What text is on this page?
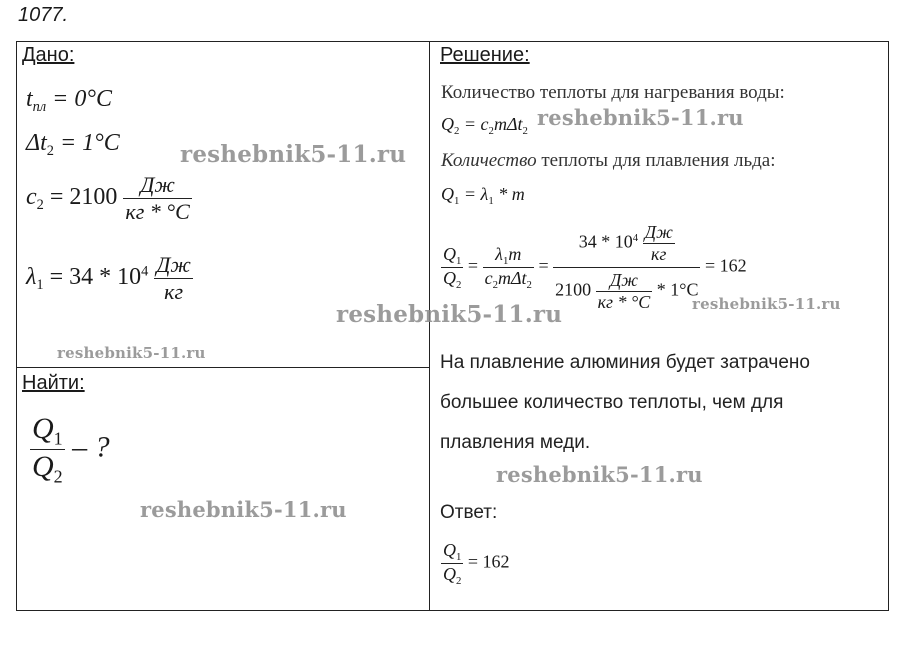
1077.
Дано:
$t_{пл} = 0^\circ C$
$\Delta t_2 = 1^\circ C$
$c_2 = 2100 \frac{Дж}{кг * ^\circ C}$
$\lambda_1 = 34 * 10^4 \frac{Дж}{кг}$
Найти:
$\frac{Q_1}{Q_2}$ – ?
Решение:
Количество теплоты для нагревания воды:
$Q_2 = c_2m\Delta t_2$
Количество теплоты для плавления льда:
$Q_1 = \lambda_1 * m$
$\frac{Q_1}{Q_2} = \frac{\lambda_1m}{c_2m\Delta t_2} = \frac{34 * 10^4 \frac{Дж}{кг}}{2100 \frac{Дж}{кг * ^\circ C} * 1^\circ C} = 162$
На плавление алюминия будет затрачено
большее количество теплоты, чем для
плавления меди.
Ответ:
$\frac{Q_1}{Q_2} = 162$
reshebnik5-11.ru
reshebnik5-11.ru
reshebnik5-11.ru
reshebnik5-11.ru
reshebnik5-11.ru
reshebnik5-11.ru
reshebnik5-11.ru
